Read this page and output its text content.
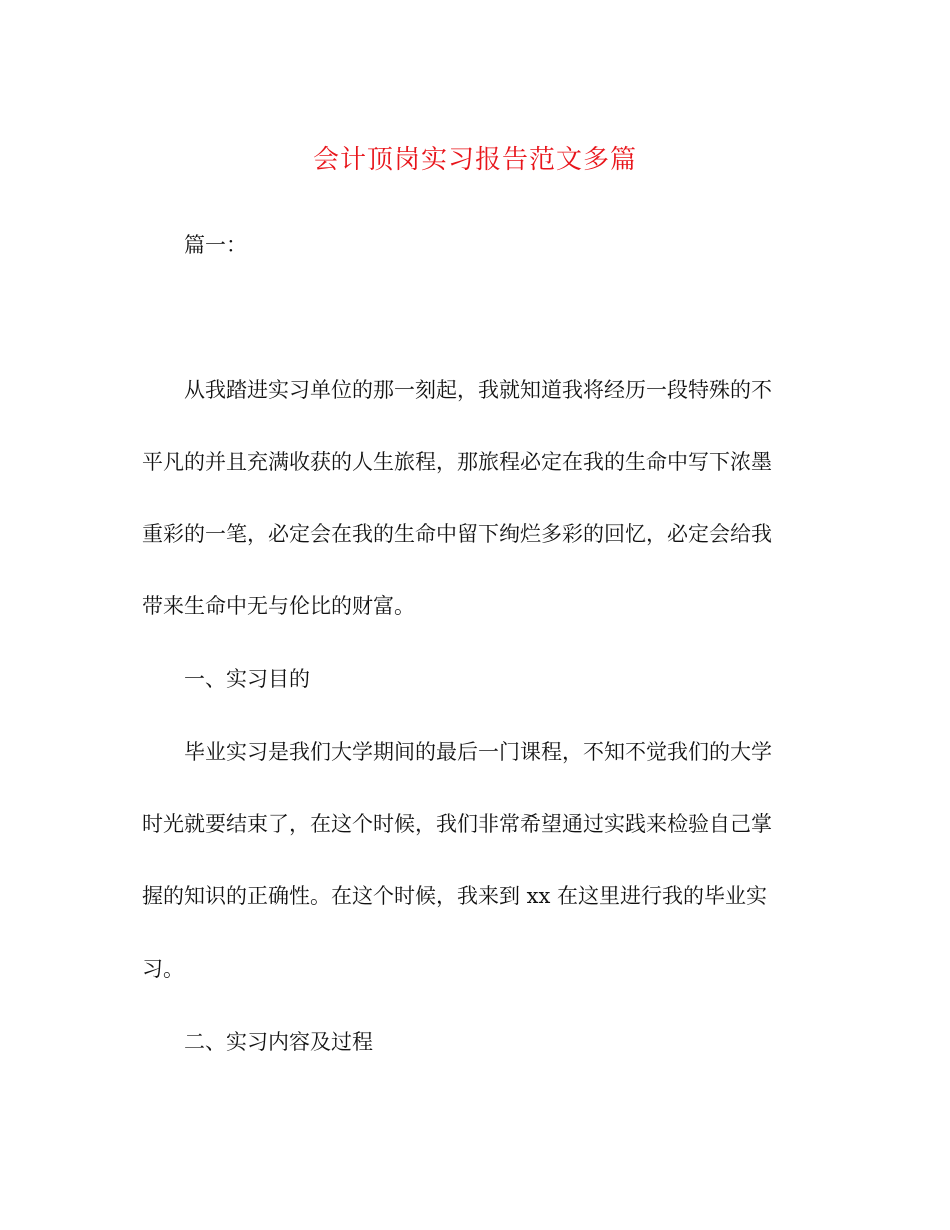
会计顶岗实习报告范文多篇
篇一：
从我踏进实习单位的那一刻起，我就知道我将经历一段特殊的不
平凡的并且充满收获的人生旅程，那旅程必定在我的生命中写下浓墨
重彩的一笔，必定会在我的生命中留下绚烂多彩的回忆，必定会给我
带来生命中无与伦比的财富。
一、实习目的
毕业实习是我们大学期间的最后一门课程，不知不觉我们的大学
时光就要结束了，在这个时候，我们非常希望通过实践来检验自己掌
握的知识的正确性。在这个时候，我来到 xx 在这里进行我的毕业实
习。
二、实习内容及过程
